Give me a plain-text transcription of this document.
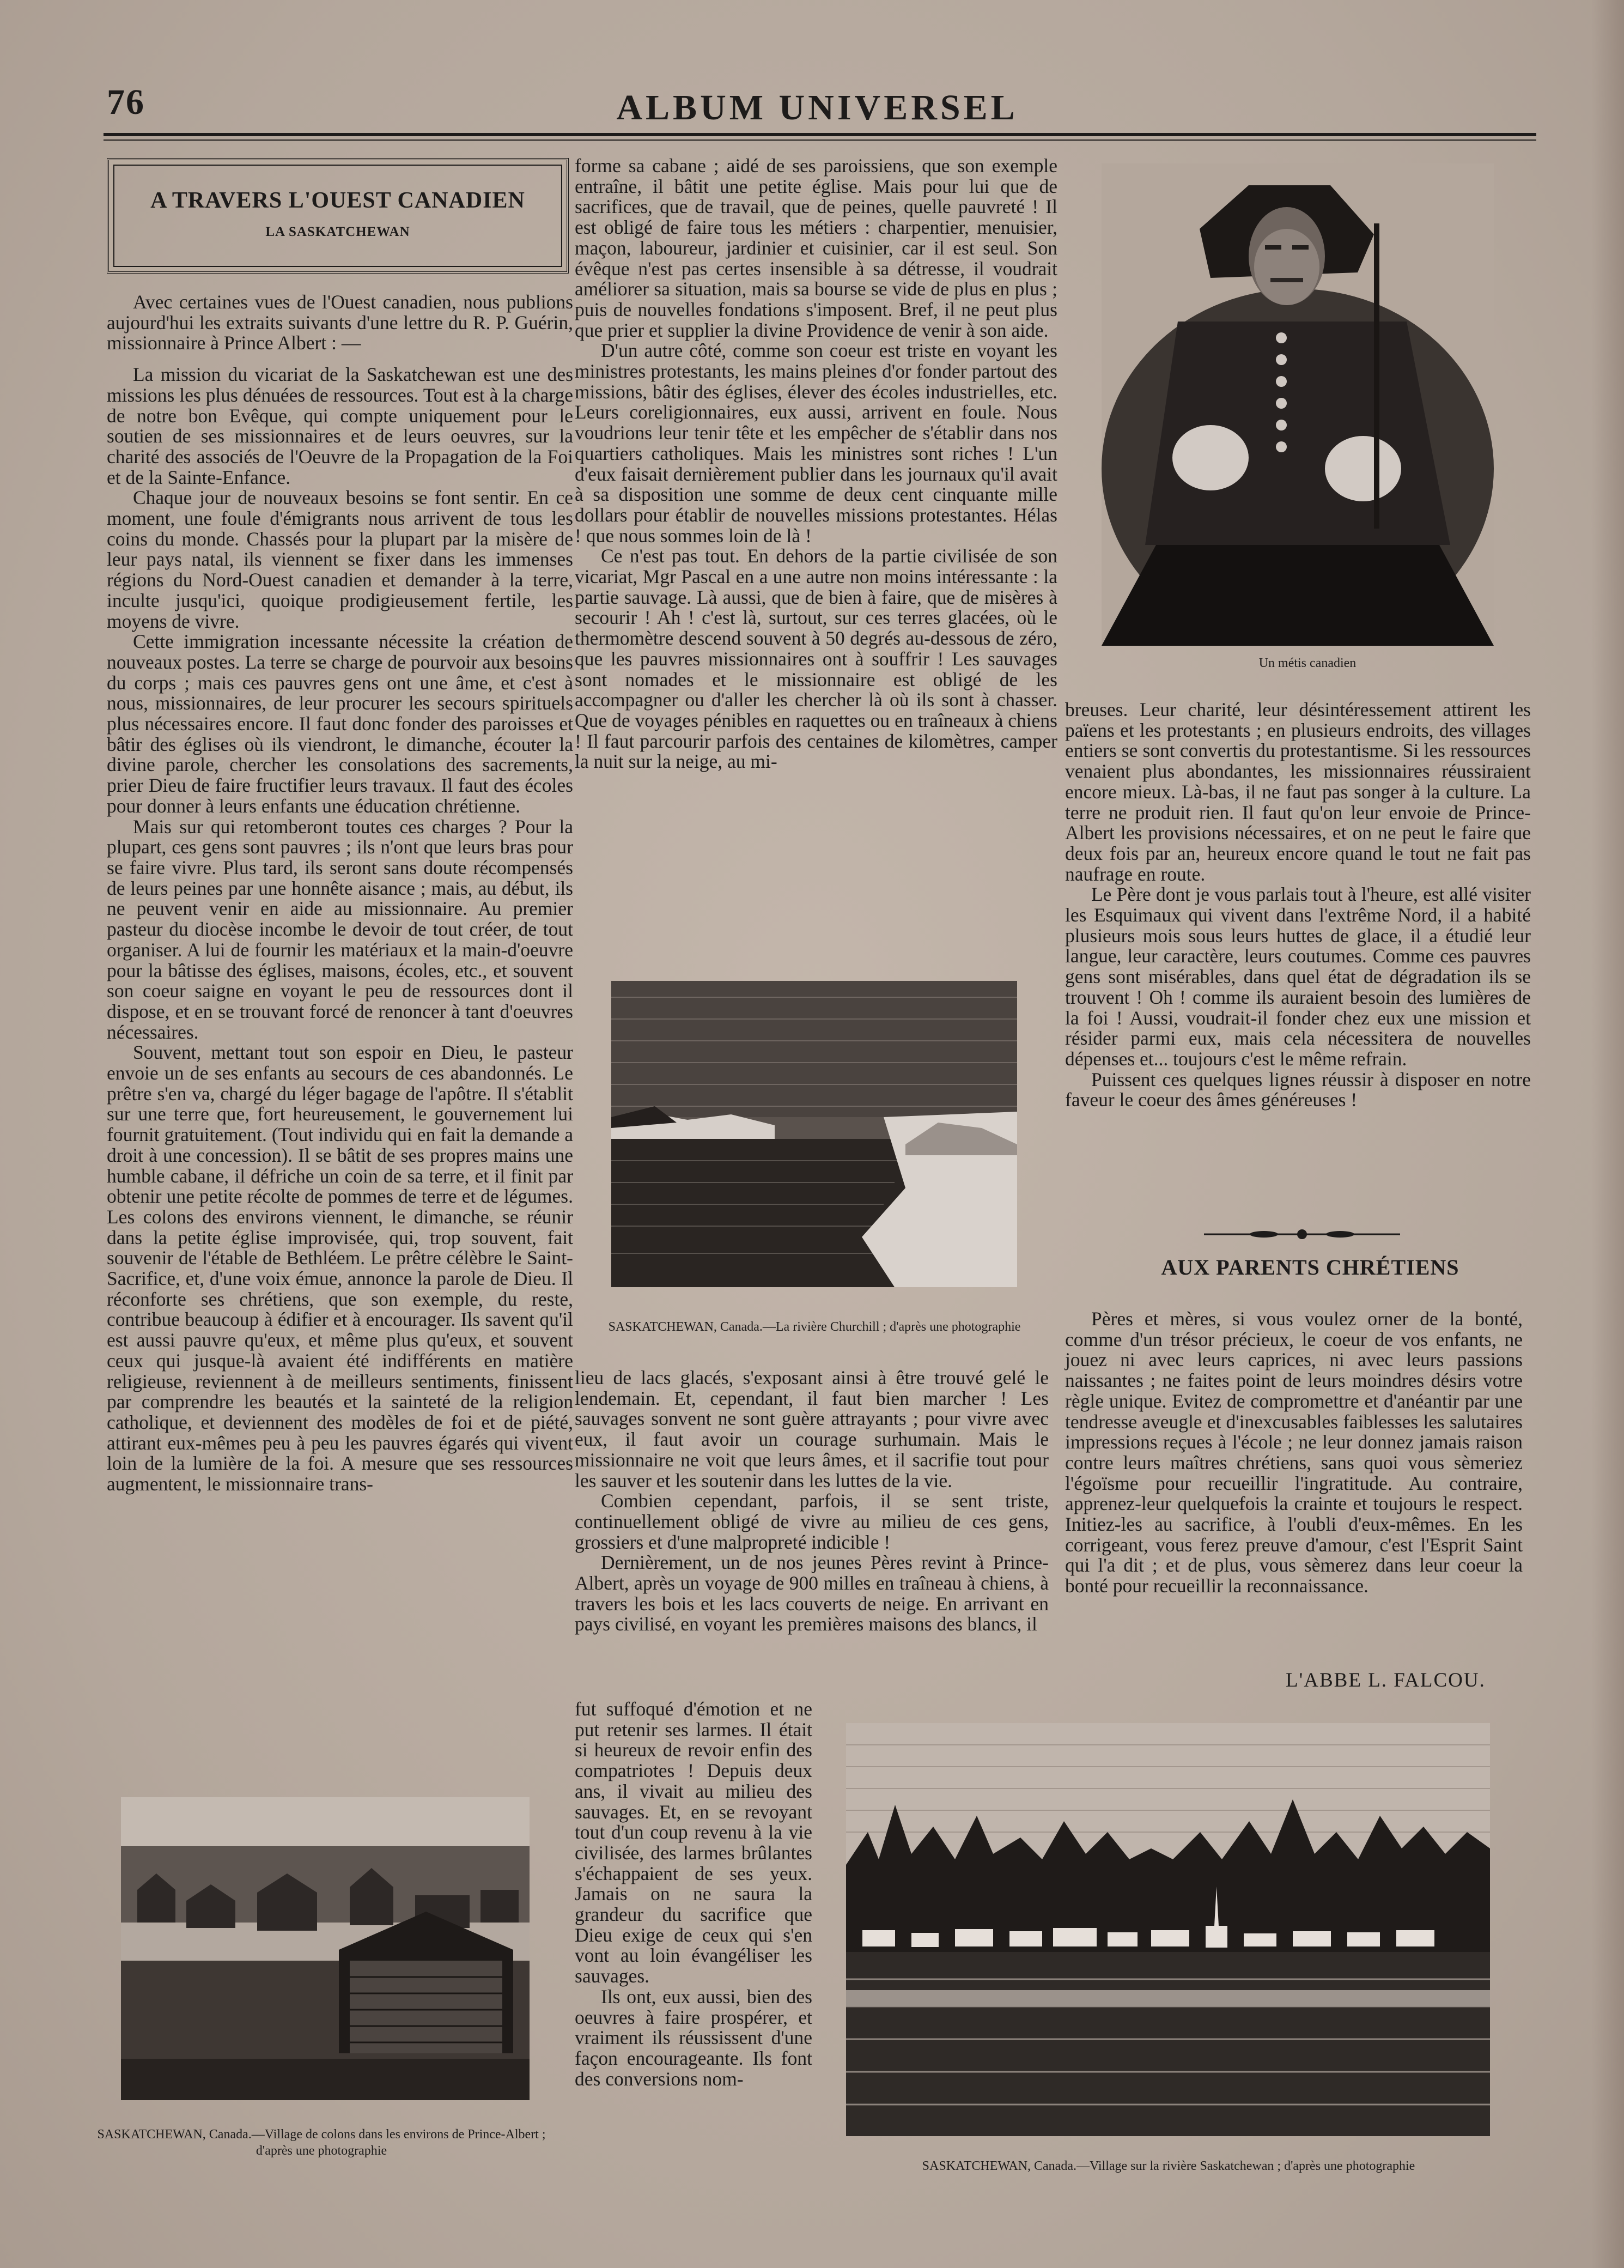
76	ALBUM UNIVERSEL
A TRAVERS L'OUEST CANADIEN
LA SASKATCHEWAN

Avec certaines vues de l'Ouest canadien, nous publions aujourd'hui les extraits suivants d'une lettre du R. P. Guérin, missionnaire à Prince Albert : —

La mission du vicariat de la Saskatchewan est une des missions les plus dénuées de ressources. Tout est à la charge de notre bon Evêque, qui compte uniquement pour le soutien de ses missionnaires et de leurs oeuvres, sur la charité des associés de l'Oeuvre de la Propagation de la Foi et de la Sainte-Enfance.

Chaque jour de nouveaux besoins se font sentir. En ce moment, une foule d'émigrants nous arrivent de tous les coins du monde. Chassés pour la plupart par la misère de leur pays natal, ils viennent se fixer dans les immenses régions du Nord-Ouest canadien et demander à la terre, inculte jusqu'ici, quoique prodigieusement fertile, les moyens de vivre.

Cette immigration incessante nécessite la création de nouveaux postes. La terre se charge de pourvoir aux besoins du corps ; mais ces pauvres gens ont une âme, et c'est à nous, missionnaires, de leur procurer les secours spirituels plus nécessaires encore. Il faut donc fonder des paroisses et bâtir des églises où ils viendront, le dimanche, écouter la divine parole, chercher les consolations des sacrements, prier Dieu de faire fructifier leurs travaux. Il faut des écoles pour donner à leurs enfants une éducation chrétienne.

Mais sur qui retomberont toutes ces charges ? Pour la plupart, ces gens sont pauvres ; ils n'ont que leurs bras pour se faire vivre. Plus tard, ils seront sans doute récompensés de leurs peines par une honnête aisance ; mais, au début, ils ne peuvent venir en aide au missionnaire. Au premier pasteur du diocèse incombe le devoir de tout créer, de tout organiser. A lui de fournir les matériaux et la main-d'oeuvre pour la bâtisse des églises, maisons, écoles, etc., et souvent son coeur saigne en voyant le peu de ressources dont il dispose, et en se trouvant forcé de renoncer à tant d'oeuvres nécessaires.

Souvent, mettant tout son espoir en Dieu, le pasteur envoie un de ses enfants au secours de ces abandonnés. Le prêtre s'en va, chargé du léger bagage de l'apôtre. Il s'établit sur une terre que, fort heureusement, le gouvernement lui fournit gratuitement. (Tout individu qui en fait la demande a droit à une concession). Il se bâtit de ses propres mains une humble cabane, il défriche un coin de sa terre, et il finit par obtenir une petite récolte de pommes de terre et de légumes. Les colons des environs viennent, le dimanche, se réunir dans la petite église improvisée, qui, trop souvent, fait souvenir de l'étable de Bethléem. Le prêtre célèbre le Saint-Sacrifice, et, d'une voix émue, annonce la parole de Dieu. Il réconforte ses chrétiens, que son exemple, du reste, contribue beaucoup à édifier et à encourager. Ils savent qu'il est aussi pauvre qu'eux, et même plus qu'eux, et souvent ceux qui jusque-là avaient été indifférents en matière religieuse, reviennent à de meilleurs sentiments, finissent par comprendre les beautés et la sainteté de la religion catholique, et deviennent des modèles de foi et de piété, attirant eux-mêmes peu à peu les pauvres égarés qui vivent loin de la lumière de la foi. A mesure que ses ressources augmentent, le missionnaire trans-

SASKATCHEWAN, Canada.—Village de colons dans les environs de Prince-Albert ; d'après une photographie

forme sa cabane ; aidé de ses paroissiens, que son exemple entraîne, il bâtit une petite église. Mais pour lui que de sacrifices, que de travail, que de peines, quelle pauvreté ! Il est obligé de faire tous les métiers : charpentier, menuisier, maçon, laboureur, jardinier et cuisinier, car il est seul. Son évêque n'est pas certes insensible à sa détresse, il voudrait améliorer sa situation, mais sa bourse se vide de plus en plus ; puis de nouvelles fondations s'imposent. Bref, il ne peut plus que prier et supplier la divine Providence de venir à son aide.

D'un autre côté, comme son coeur est triste en voyant les ministres protestants, les mains pleines d'or fonder partout des missions, bâtir des églises, élever des écoles industrielles, etc. Leurs coreligionnaires, eux aussi, arrivent en foule. Nous voudrions leur tenir tête et les empêcher de s'établir dans nos quartiers catholiques. Mais les ministres sont riches ! L'un d'eux faisait dernièrement publier dans les journaux qu'il avait à sa disposition une somme de deux cent cinquante mille dollars pour établir de nouvelles missions protestantes. Hélas ! que nous sommes loin de là !

Ce n'est pas tout. En dehors de la partie civilisée de son vicariat, Mgr Pascal en a une autre non moins intéressante : la partie sauvage. Là aussi, que de bien à faire, que de misères à secourir ! Ah ! c'est là, surtout, sur ces terres glacées, où le thermomètre descend souvent à 50 degrés au-dessous de zéro, que les pauvres missionnaires ont à souffrir ! Les sauvages sont nomades et le missionnaire est obligé de les accompagner ou d'aller les chercher là où ils sont à chasser. Que de voyages pénibles en raquettes ou en traîneaux à chiens ! Il faut parcourir parfois des centaines de kilomètres, camper la nuit sur la neige, au mi-

SASKATCHEWAN, Canada.—La rivière Churchill ; d'après une photographie

lieu de lacs glacés, s'exposant ainsi à être trouvé gelé le lendemain. Et, cependant, il faut bien marcher ! Les sauvages sonvent ne sont guère attrayants ; pour vivre avec eux, il faut avoir un courage surhumain. Mais le missionnaire ne voit que leurs âmes, et il sacrifie tout pour les sauver et les soutenir dans les luttes de la vie.

Combien cependant, parfois, il se sent triste, continuellement obligé de vivre au milieu de ces gens, grossiers et d'une malpropreté indicible !

Dernièrement, un de nos jeunes Pères revint à Prince-Albert, après un voyage de 900 milles en traîneau à chiens, à travers les bois et les lacs couverts de neige. En arrivant en pays civilisé, en voyant les premières maisons des blancs, il

fut suffoqué d'émotion et ne put retenir ses larmes. Il était si heureux de revoir enfin des compatriotes ! Depuis deux ans, il vivait au milieu des sauvages. Et, en se revoyant tout d'un coup revenu à la vie civilisée, des larmes brûlantes s'échappaient de ses yeux. Jamais on ne saura la grandeur du sacrifice que Dieu exige de ceux qui s'en vont au loin évangéliser les sauvages.

Ils ont, eux aussi, bien des oeuvres à faire prospérer, et vraiment ils réussissent d'une façon encourageante. Ils font des conversions nom-

Un métis canadien

breuses. Leur charité, leur désintéressement attirent les païens et les protestants ; en plusieurs endroits, des villages entiers se sont convertis du protestantisme. Si les ressources venaient plus abondantes, les missionnaires réussiraient encore mieux. Là-bas, il ne faut pas songer à la culture. La terre ne produit rien. Il faut qu'on leur envoie de Prince-Albert les provisions nécessaires, et on ne peut le faire que deux fois par an, heureux encore quand le tout ne fait pas naufrage en route.

Le Père dont je vous parlais tout à l'heure, est allé visiter les Esquimaux qui vivent dans l'extrême Nord, il a habité plusieurs mois sous leurs huttes de glace, il a étudié leur langue, leur caractère, leurs coutumes. Comme ces pauvres gens sont misérables, dans quel état de dégradation ils se trouvent ! Oh ! comme ils auraient besoin des lumières de la foi ! Aussi, voudrait-il fonder chez eux une mission et résider parmi eux, mais cela nécessitera de nouvelles dépenses et... toujours c'est le même refrain.

Puissent ces quelques lignes réussir à disposer en notre faveur le coeur des âmes généreuses !

AUX PARENTS CHRÉTIENS

Pères et mères, si vous voulez orner de la bonté, comme d'un trésor précieux, le coeur de vos enfants, ne jouez ni avec leurs caprices, ni avec leurs passions naissantes ; ne faites point de leurs moindres désirs votre règle unique. Evitez de compromettre et d'anéantir par une tendresse aveugle et d'inexcusables faiblesses les salutaires impressions reçues à l'école ; ne leur donnez jamais raison contre leurs maîtres chrétiens, sans quoi vous sèmeriez l'égoïsme pour recueillir l'ingratitude. Au contraire, apprenez-leur quelquefois la crainte et toujours le respect. Initiez-les au sacrifice, à l'oubli d'eux-mêmes. En les corrigeant, vous ferez preuve d'amour, c'est l'Esprit Saint qui l'a dit ; et de plus, vous sèmerez dans leur coeur la bonté pour recueillir la reconnaissance.

L'ABBE L. FALCOU.
SASKATCHEWAN, Canada.—Village sur la rivière Saskatchewan ; d'après une photographie
